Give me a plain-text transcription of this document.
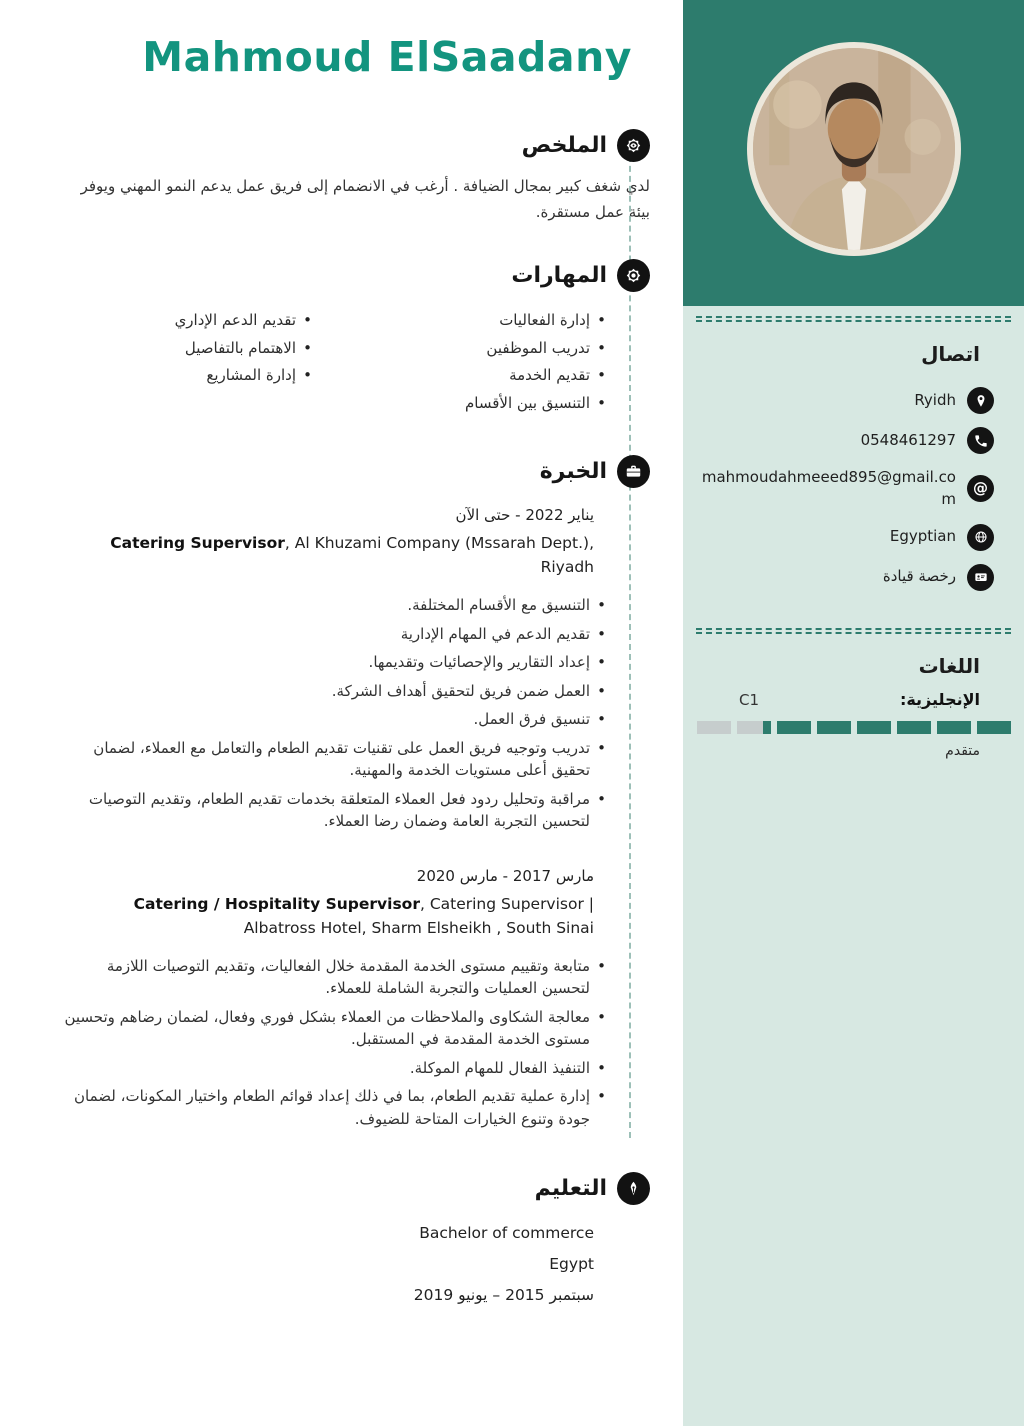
اتصال
Ryidh
0548461297
@
mahmoudahmeeed895@gmail.com
Egyptian
رخصة قيادة
اللغات
الإنجليزية:
C1
متقدم
Mahmoud ElSaadany
الملخص

لدي شغف كبير بمجال الضيافة . أرغب في الانضمام إلى فريق عمل يدعم النمو المهني ويوفر بيئة عمل مستقرة.

المهارات
• إدارة الفعاليات
• تدريب الموظفين
• تقديم الخدمة
• التنسيق بين الأقسام
• تقديم الدعم الإداري
• الاهتمام بالتفاصيل
• إدارة المشاريع
الخبرة

يناير 2022 - حتى الآن

Catering Supervisor, Al Khuzami Company (Mssarah Dept.), Riyadh

• التنسيق مع الأقسام المختلفة.
• تقديم الدعم في المهام الإدارية
• إعداد التقارير والإحصائيات وتقديمها.
• العمل ضمن فريق لتحقيق أهداف الشركة.
• تنسيق فرق العمل.
• تدريب وتوجيه فريق العمل على تقنيات تقديم الطعام والتعامل مع العملاء، لضمان تحقيق أعلى مستويات الخدمة والمهنية.
• مراقبة وتحليل ردود فعل العملاء المتعلقة بخدمات تقديم الطعام، وتقديم التوصيات لتحسين التجربة العامة وضمان رضا العملاء.

مارس 2017 - مارس 2020

Catering / Hospitality Supervisor, Catering Supervisor | Albatross Hotel, Sharm Elsheikh , South Sinai

• متابعة وتقييم مستوى الخدمة المقدمة خلال الفعاليات، وتقديم التوصيات اللازمة لتحسين العمليات والتجربة الشاملة للعملاء.
• معالجة الشكاوى والملاحظات من العملاء بشكل فوري وفعال، لضمان رضاهم وتحسين مستوى الخدمة المقدمة في المستقبل.
• التنفيذ الفعال للمهام الموكلة.
• إدارة عملية تقديم الطعام، بما في ذلك إعداد قوائم الطعام واختيار المكونات، لضمان جودة وتنوع الخيارات المتاحة للضيوف.
التعليم

Bachelor of commerce

Egypt

سبتمبر 2015 – يونيو 2019
